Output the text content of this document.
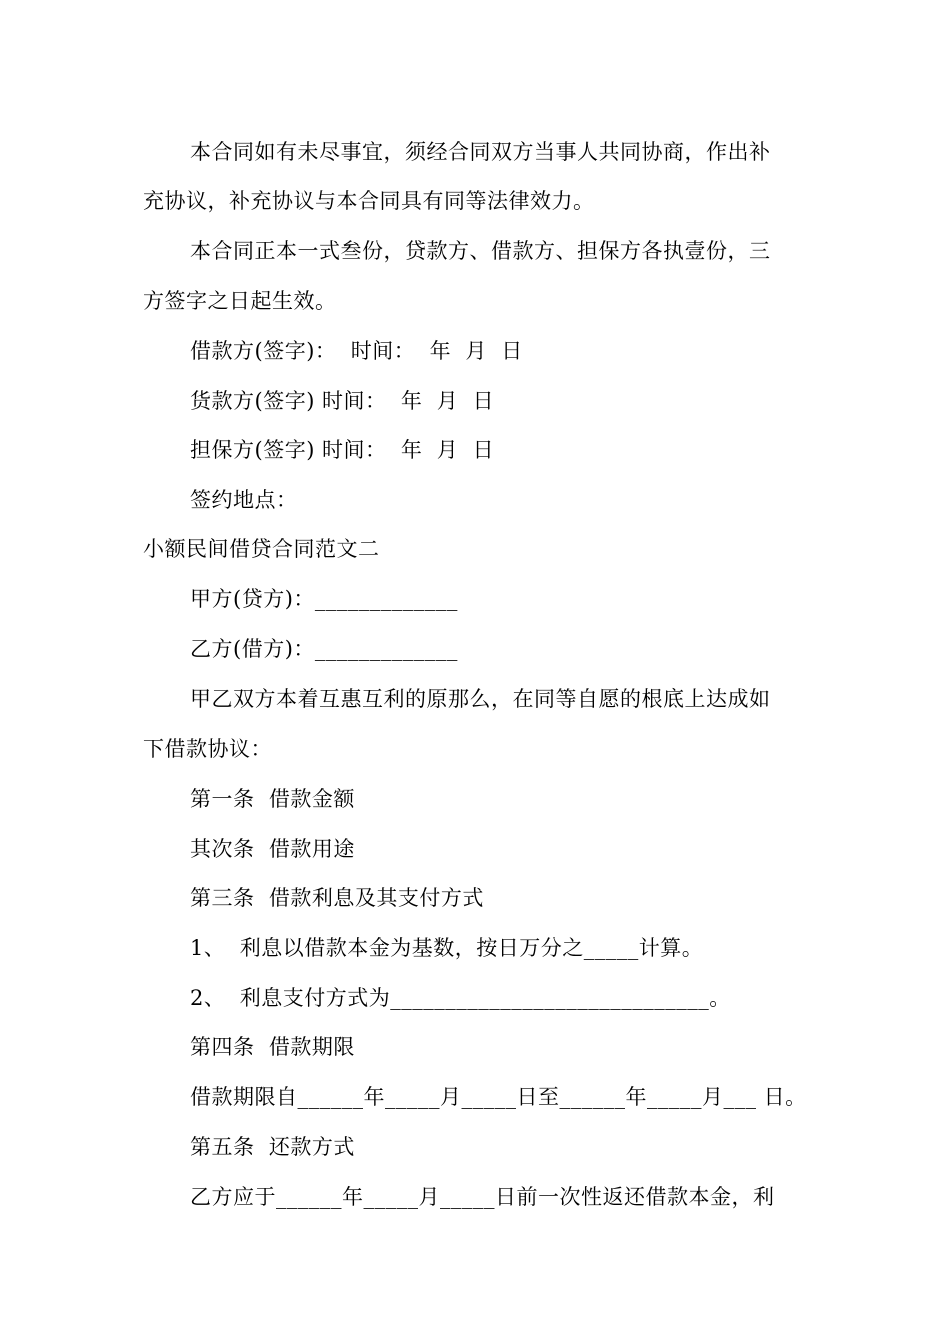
本合同如有未尽事宜，须经合同双方当事人共同协商，作出补
充协议，补充协议与本合同具有同等法律效力。
本合同正本一式叁份，贷款方、借款方、担保方各执壹份，三
方签字之日起生效。
借款方(签字)：  时间：  年  月  日
货款方(签字) 时间：  年  月  日
担保方(签字) 时间：  年  月  日
签约地点：
小额民间借贷合同范文二
甲方(贷方)：_____________
乙方(借方)：_____________
甲乙双方本着互惠互利的原那么，在同等自愿的根底上达成如
下借款协议：
第一条  借款金额
其次条  借款用途
第三条  借款利息及其支付方式
1、  利息以借款本金为基数，按日万分之_____计算。
2、  利息支付方式为_____________________________。
第四条  借款期限
借款期限自______年_____月_____日至______年_____月___ 日。
第五条  还款方式
乙方应于______年_____月_____日前一次性返还借款本金，利
